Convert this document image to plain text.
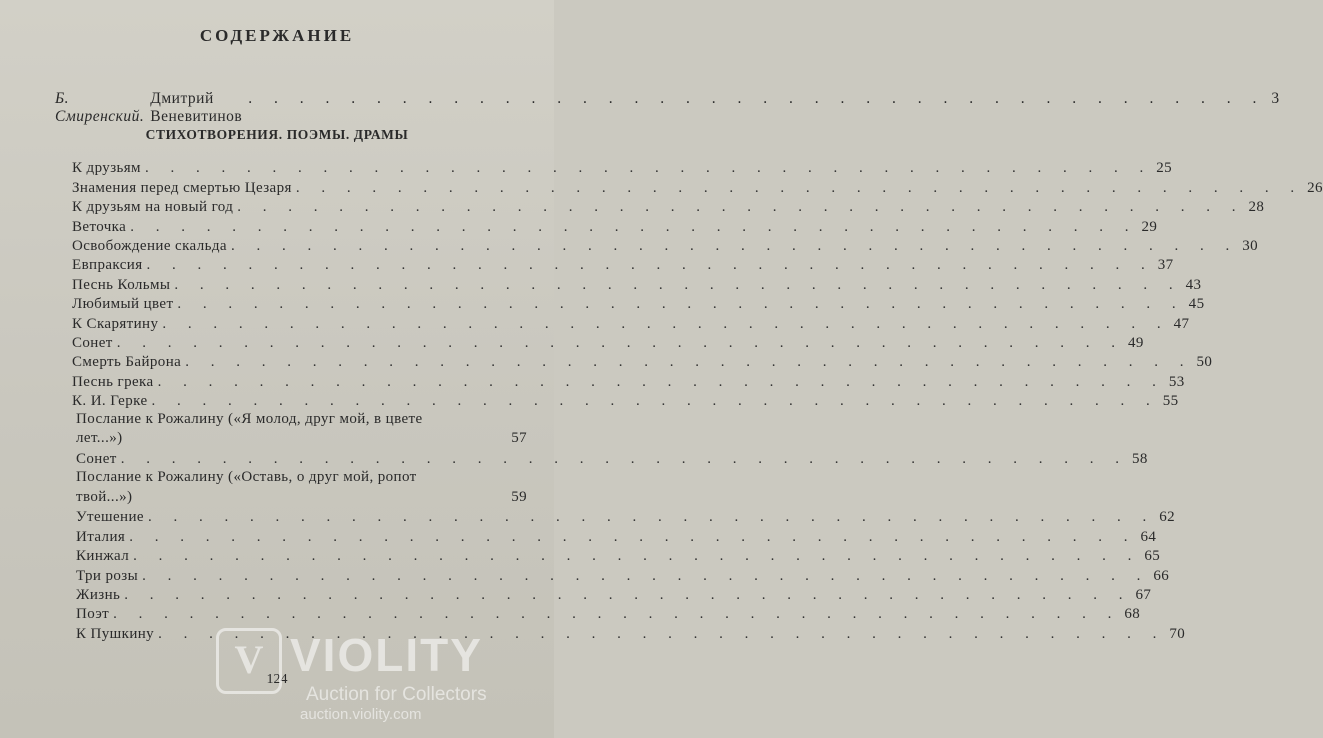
СОДЕРЖАНИЕ
Б. Смиренский.
Дмитрий Веневитинов
. . . . . . . . . . . . . . . . . . . . . . . . . . . . . . . . . . . . . . . . 3
СТИХОТВОРЕНИЯ. ПОЭМЫ. ДРАМЫ
К друзьям . . . . . . . . . . . . . . . . . . . . . . . . . . . . . . . . . . . . . . . . 25
Знамения перед смертью Цезаря . . . . . . . . . . . . . . . . . . . . . . . . . . . . . . . . . . . . . . . . 26
К друзьям на новый год . . . . . . . . . . . . . . . . . . . . . . . . . . . . . . . . . . . . . . . . 28
Веточка . . . . . . . . . . . . . . . . . . . . . . . . . . . . . . . . . . . . . . . . 29
Освобождение скальда . . . . . . . . . . . . . . . . . . . . . . . . . . . . . . . . . . . . . . . . 30
Евпраксия . . . . . . . . . . . . . . . . . . . . . . . . . . . . . . . . . . . . . . . . 37
Песнь Кольмы . . . . . . . . . . . . . . . . . . . . . . . . . . . . . . . . . . . . . . . . 43
Любимый цвет . . . . . . . . . . . . . . . . . . . . . . . . . . . . . . . . . . . . . . . . 45
К Скарятину . . . . . . . . . . . . . . . . . . . . . . . . . . . . . . . . . . . . . . . . 47
Сонет . . . . . . . . . . . . . . . . . . . . . . . . . . . . . . . . . . . . . . . . 49
Смерть Байрона . . . . . . . . . . . . . . . . . . . . . . . . . . . . . . . . . . . . . . . . 50
Песнь грека . . . . . . . . . . . . . . . . . . . . . . . . . . . . . . . . . . . . . . . . 53
К. И. Герке . . . . . . . . . . . . . . . . . . . . . . . . . . . . . . . . . . . . . . . . 55
Послание к Рожалину («Я молод, друг мой, в цвете
лет...»)	57
Сонет . . . . . . . . . . . . . . . . . . . . . . . . . . . . . . . . . . . . . . . . 58
Послание к Рожалину («Оставь, о друг мой, ропот
твой...»)	59
Утешение . . . . . . . . . . . . . . . . . . . . . . . . . . . . . . . . . . . . . . . . 62
Италия . . . . . . . . . . . . . . . . . . . . . . . . . . . . . . . . . . . . . . . . 64
Кинжал . . . . . . . . . . . . . . . . . . . . . . . . . . . . . . . . . . . . . . . . 65
Три розы . . . . . . . . . . . . . . . . . . . . . . . . . . . . . . . . . . . . . . . . 66
Жизнь . . . . . . . . . . . . . . . . . . . . . . . . . . . . . . . . . . . . . . . . 67
Поэт . . . . . . . . . . . . . . . . . . . . . . . . . . . . . . . . . . . . . . . . 68
К Пушкину . . . . . . . . . . . . . . . . . . . . . . . . . . . . . . . . . . . . . . . . 70
124
V VIOLITY
Auction for Collectors
auction.violity.com
